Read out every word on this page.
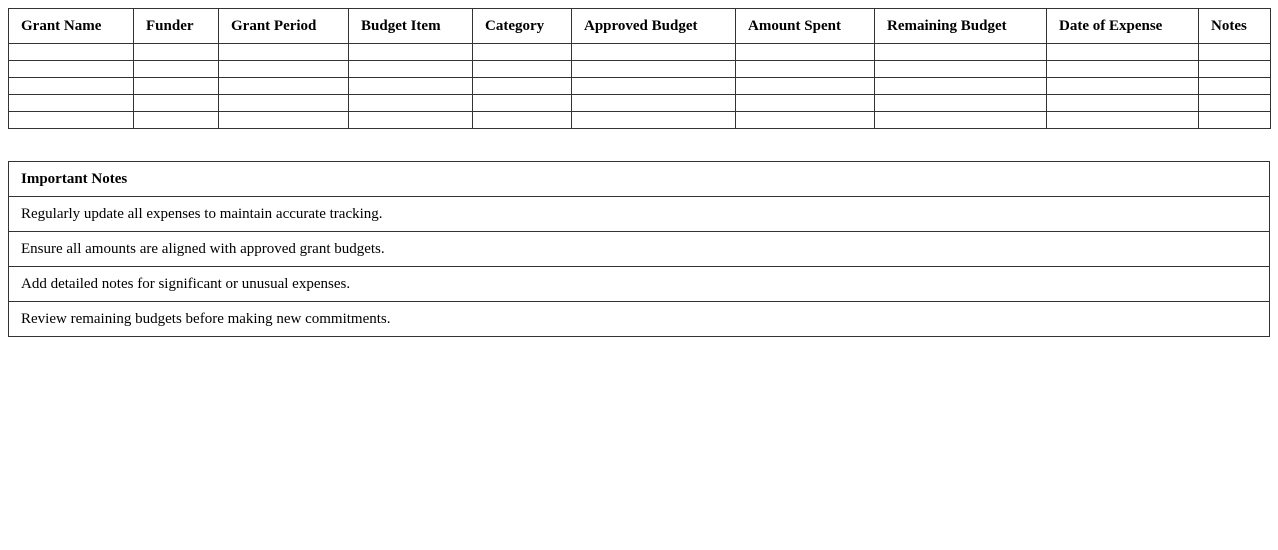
Grant Name	Funder	Grant Period	Budget Item	Category	Approved Budget	Amount Spent	Remaining Budget	Date of Expense	Notes

Important Notes
Regularly update all expenses to maintain accurate tracking.
Ensure all amounts are aligned with approved grant budgets.
Add detailed notes for significant or unusual expenses.
Review remaining budgets before making new commitments.
